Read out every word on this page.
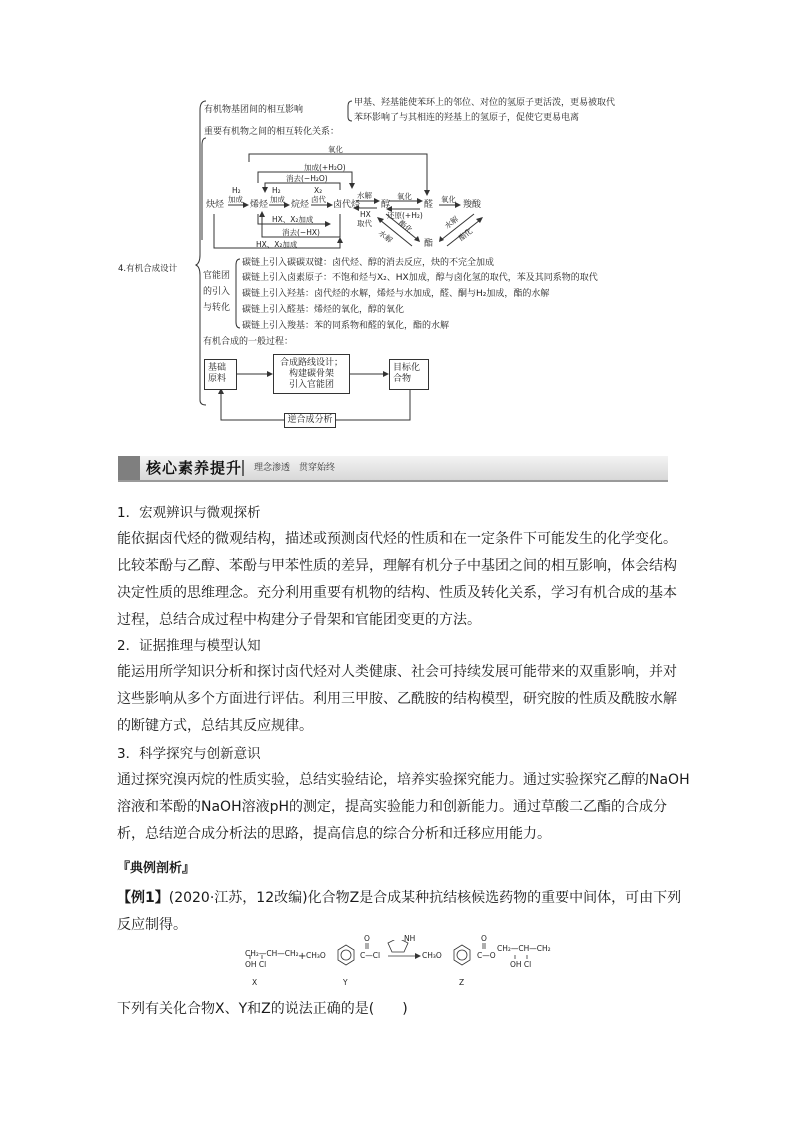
4.有机合成设计
有机物基团间的相互影响
甲基、羟基能使苯环上的邻位、对位的氢原子更活泼，更易被取代
苯环影响了与其相连的羟基上的氢原子，促使它更易电离
重要有机物之间的相互转化关系：
氧化
加成(+H₂O)
消去(−H₂O)
H₂
加成
H₂
加成
X₂
卤代
HX、X₂加成
消去(−HX)
HX、X₂加成
水解
HX
取代
氧化
还原(+H₂)
氧化
酯化
水解
水解
酯化
炔烃	烯烃	烷烃	卤代烃 醇	醛	羧酸
酯
官能团
的引入
与转化
碳链上引入碳碳双键：卤代烃、醇的消去反应，炔的不完全加成
碳链上引入卤素原子：不饱和烃与X₂、HX加成，醇与卤化氢的取代，苯及其同系物的取代
碳链上引入羟基：卤代烃的水解，烯烃与水加成，醛、酮与H₂加成，酯的水解
碳链上引入醛基：烯烃的氧化，醇的氧化
碳链上引入羧基：苯的同系物和醛的氧化，酯的水解
有机合成的一般过程：
基础原料
合成路线设计；
构建碳骨架
引入官能团
目标化合物
逆合成分析
核心素养提升 理念渗透　贯穿始终
1．宏观辨识与微观探析
能依据卤代烃的微观结构，描述或预测卤代烃的性质和在一定条件下可能发生的化学变化。
比较苯酚与乙醇、苯酚与甲苯性质的差异，理解有机分子中基团之间的相互影响，体会结构
决定性质的思维理念。充分利用重要有机物的结构、性质及转化关系，学习有机合成的基本
过程，总结合成过程中构建分子骨架和官能团变更的方法。
2．证据推理与模型认知
能运用所学知识分析和探讨卤代烃对人类健康、社会可持续发展可能带来的双重影响，并对
这些影响从多个方面进行评估。利用三甲胺、乙酰胺的结构模型，研究胺的性质及酰胺水解
的断键方式，总结其反应规律。
3．科学探究与创新意识
通过探究溴丙烷的性质实验，总结实验结论，培养实验探究能力。通过实验探究乙醇的NaOH
溶液和苯酚的NaOH溶液pH的测定，提高实验能力和创新能力。通过草酸二乙酯的合成分
析，总结逆合成分析法的思路，提高信息的综合分析和迁移应用能力。
『典例剖析』
【例1】(2020·江苏，12改编)化合物Z是合成某种抗结核候选药物的重要中间体，可由下列
反应制得。
CH₂—CH—CH₂
OH Cl
+ CH₃O
O
C—Cl
NH
CH₃O
O
C—O
CH₂—CH—CH₂
OH Cl
X	Y	Z
下列有关化合物X、Y和Z的说法正确的是(　　)
